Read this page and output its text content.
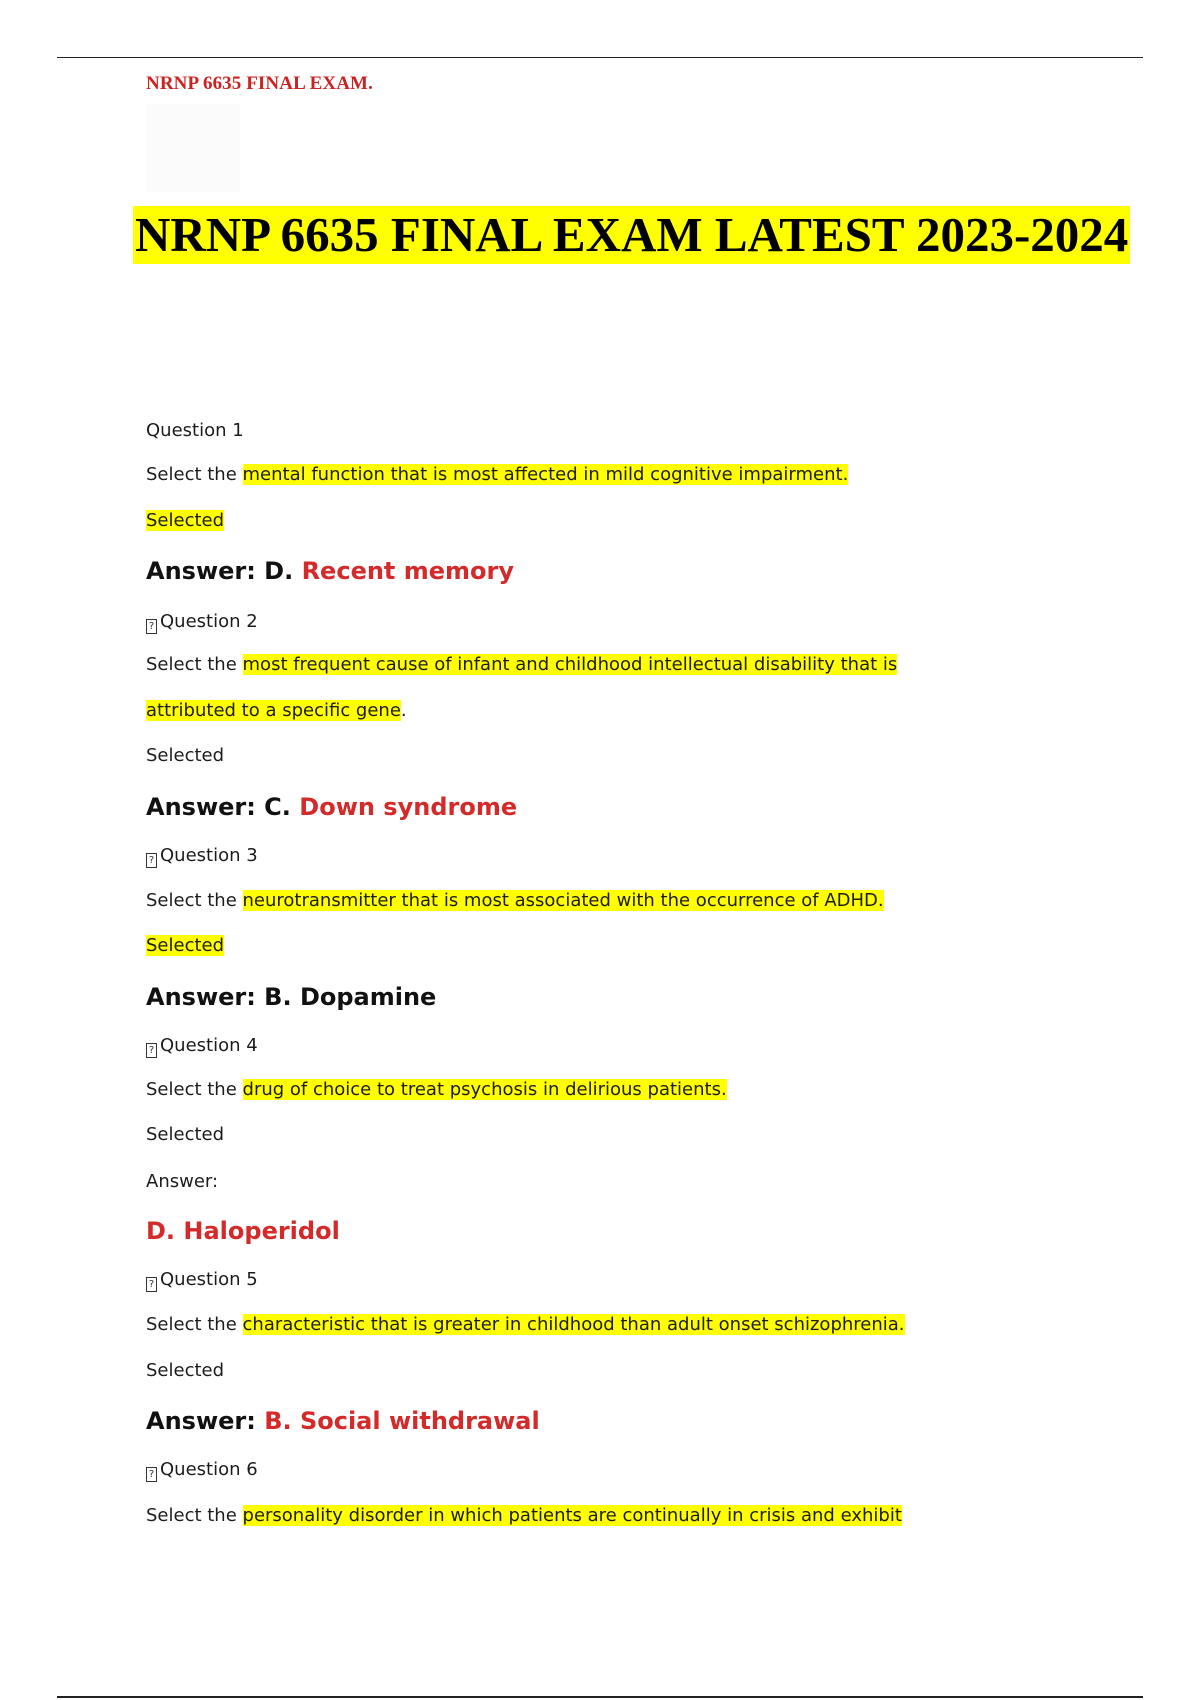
NRNP 6635 FINAL EXAM.
NRNP 6635 FINAL EXAM LATEST 2023-2024
Question 1
Select the mental function that is most affected in mild cognitive impairment.
Selected
Answer: D. Recent memory
? Question 2
Select the most frequent cause of infant and childhood intellectual disability that is
attributed to a specific gene.
Selected
Answer: C. Down syndrome
? Question 3
Select the neurotransmitter that is most associated with the occurrence of ADHD.
Selected
Answer: B. Dopamine
? Question 4
Select the drug of choice to treat psychosis in delirious patients.
Selected
Answer:
D. Haloperidol
? Question 5
Select the characteristic that is greater in childhood than adult onset schizophrenia.
Selected
Answer: B. Social withdrawal
? Question 6
Select the personality disorder in which patients are continually in crisis and exhibit
